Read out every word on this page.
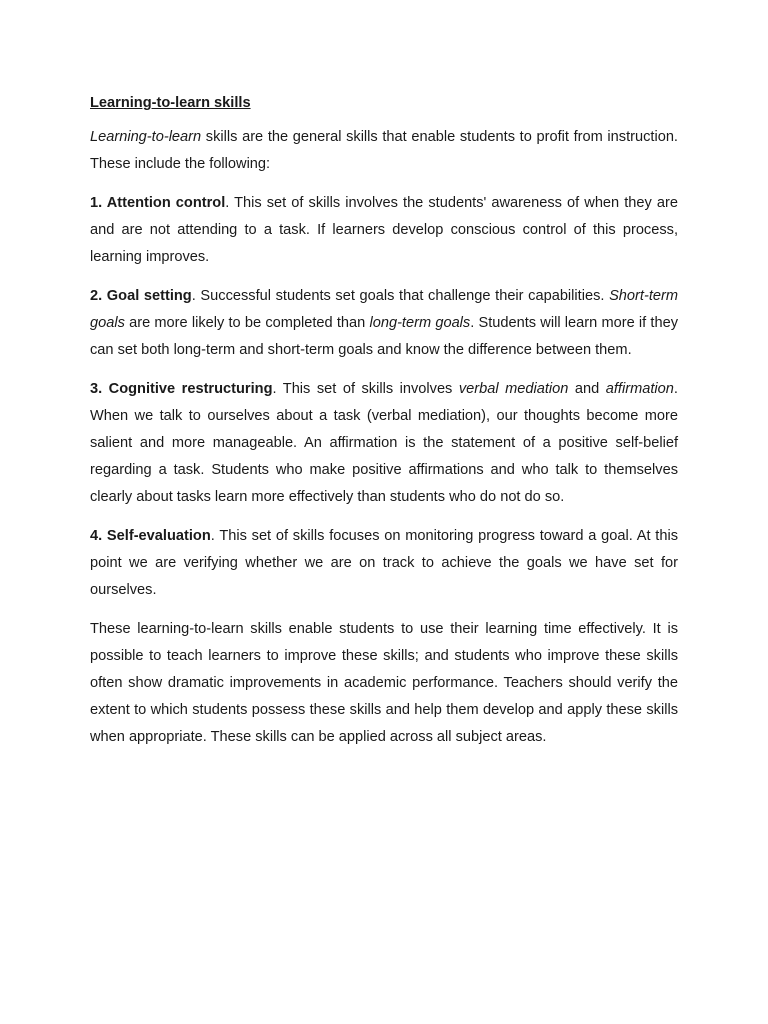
Learning-to-learn skills

Learning-to-learn skills are the general skills that enable students to profit from instruction. These include the following:

1. Attention control. This set of skills involves the students' awareness of when they are and are not attending to a task. If learners develop conscious control of this process, learning improves.

2. Goal setting. Successful students set goals that challenge their capabilities. Short-term goals are more likely to be completed than long-term goals. Students will learn more if they can set both long-term and short-term goals and know the difference between them.

3. Cognitive restructuring. This set of skills involves verbal mediation and affirmation. When we talk to ourselves about a task (verbal mediation), our thoughts become more salient and more manageable. An affirmation is the statement of a positive self-belief regarding a task. Students who make positive affirmations and who talk to themselves clearly about tasks learn more effectively than students who do not do so.

4. Self-evaluation. This set of skills focuses on monitoring progress toward a goal. At this point we are verifying whether we are on track to achieve the goals we have set for ourselves.

These learning-to-learn skills enable students to use their learning time effectively. It is possible to teach learners to improve these skills; and students who improve these skills often show dramatic improvements in academic performance. Teachers should verify the extent to which students possess these skills and help them develop and apply these skills when appropriate. These skills can be applied across all subject areas.
